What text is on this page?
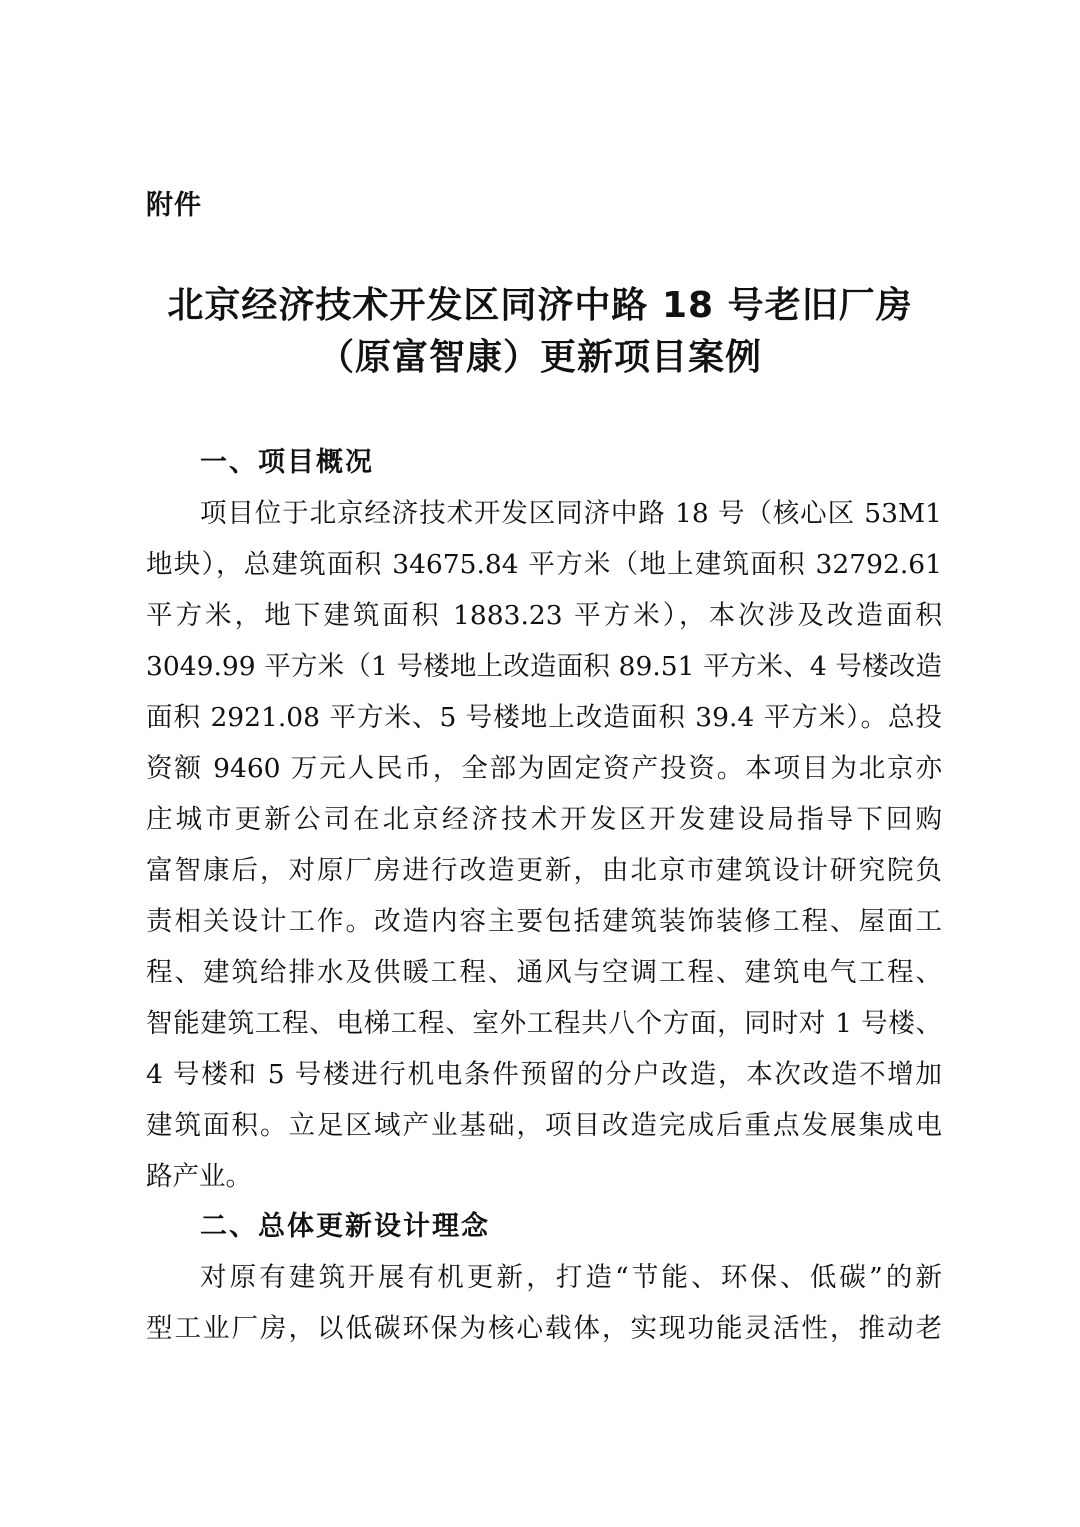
附件
北京经济技术开发区同济中路 18 号老旧厂房
（原富智康）更新项目案例
一、项目概况
项目位于北京经济技术开发区同济中路 18 号（核心区 53M1
地块），总建筑面积 34675.84 平方米（地上建筑面积 32792.61
平方米，地下建筑面积 1883.23 平方米），本次涉及改造面积
3049.99 平方米（1 号楼地上改造面积 89.51 平方米、4 号楼改造
面积 2921.08 平方米、5 号楼地上改造面积 39.4 平方米）。总投
资额 9460 万元人民币，全部为固定资产投资。本项目为北京亦
庄城市更新公司在北京经济技术开发区开发建设局指导下回购
富智康后，对原厂房进行改造更新，由北京市建筑设计研究院负
责相关设计工作。改造内容主要包括建筑装饰装修工程、屋面工
程、建筑给排水及供暖工程、通风与空调工程、建筑电气工程、
智能建筑工程、电梯工程、室外工程共八个方面，同时对 1 号楼、
4 号楼和 5 号楼进行机电条件预留的分户改造，本次改造不增加
建筑面积。立足区域产业基础，项目改造完成后重点发展集成电
路产业。
二、总体更新设计理念
对原有建筑开展有机更新，打造“节能、环保、低碳”的新
型工业厂房，以低碳环保为核心载体，实现功能灵活性，推动老
